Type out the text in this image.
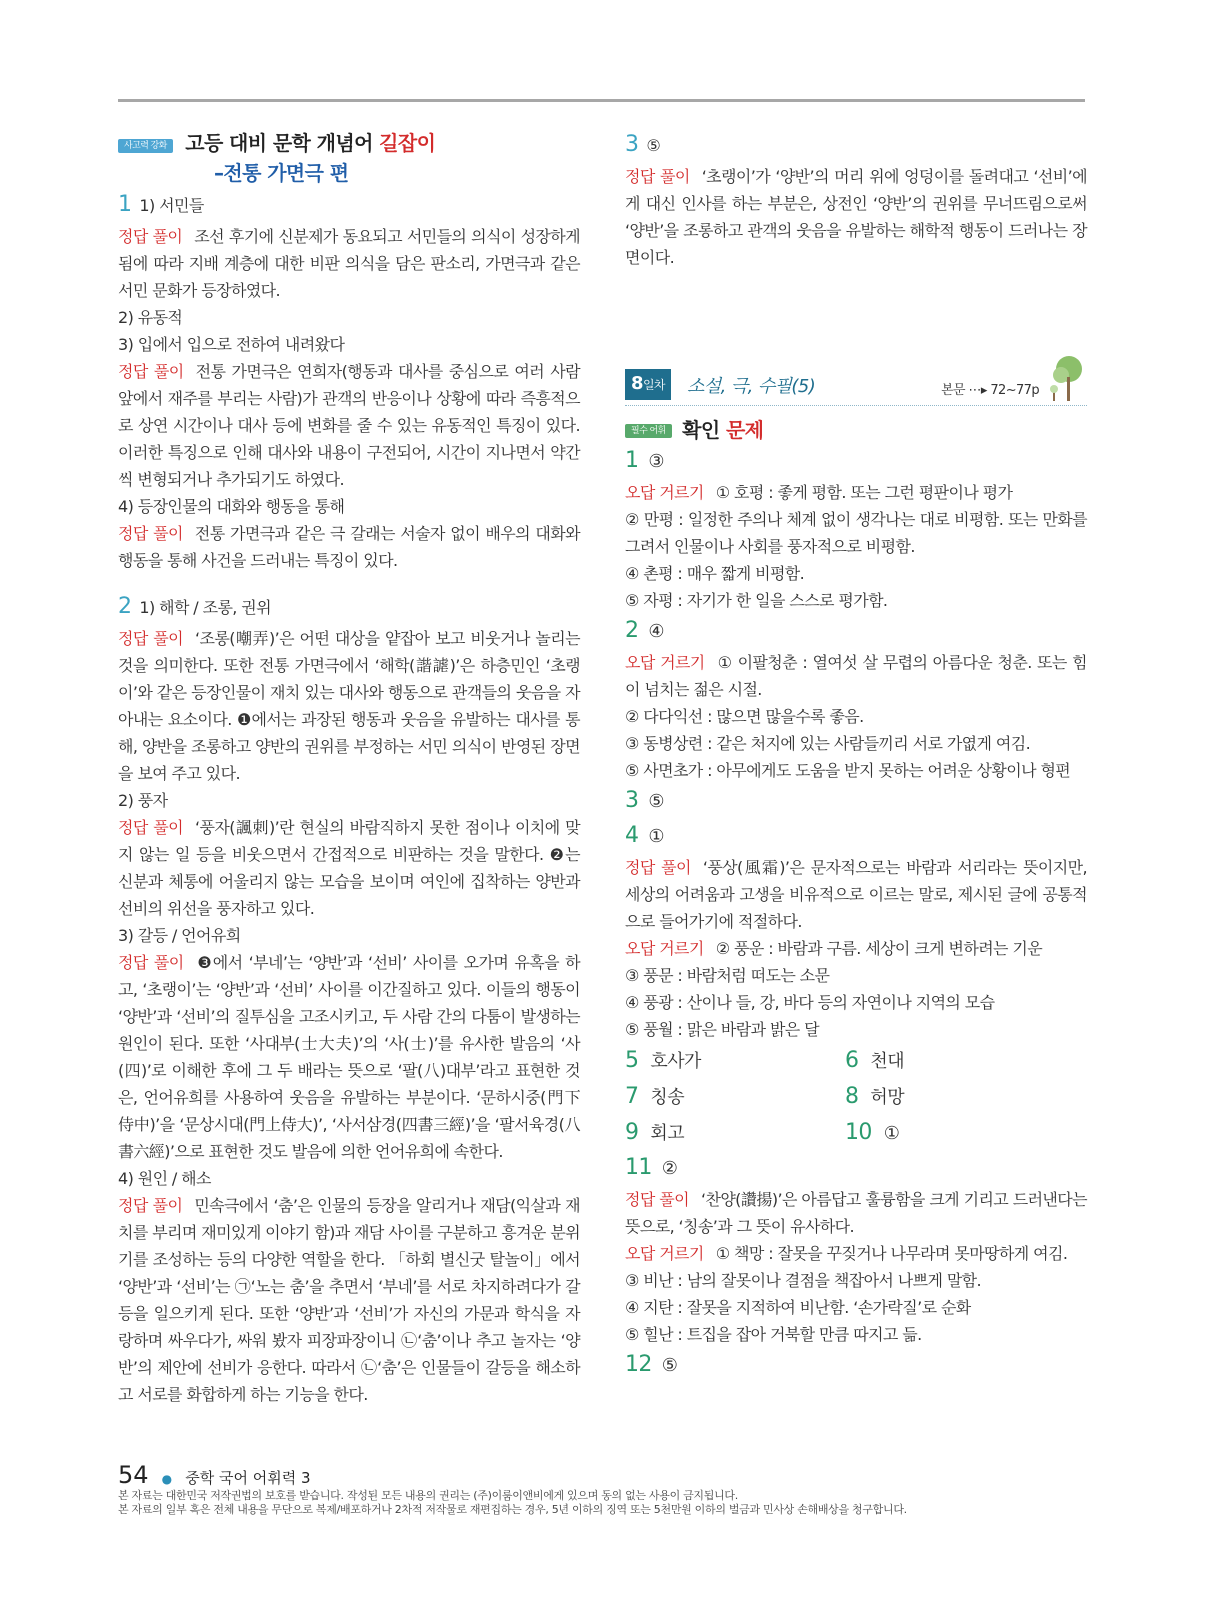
사고력 강화 고등 대비 문학 개념어 길잡이
–전통 가면극 편

1 1) 서민들

정답 풀이 조선 후기에 신분제가 동요되고 서민들의 의식이 성장하게 됨에 따라 지배 계층에 대한 비판 의식을 담은 판소리, 가면극과 같은 서민 문화가 등장하였다.

2) 유동적

3) 입에서 입으로 전하여 내려왔다

정답 풀이 전통 가면극은 연희자(행동과 대사를 중심으로 여러 사람 앞에서 재주를 부리는 사람)가 관객의 반응이나 상황에 따라 즉흥적으로 상연 시간이나 대사 등에 변화를 줄 수 있는 유동적인 특징이 있다. 이러한 특징으로 인해 대사와 내용이 구전되어, 시간이 지나면서 약간씩 변형되거나 추가되기도 하였다.

4) 등장인물의 대화와 행동을 통해

정답 풀이 전통 가면극과 같은 극 갈래는 서술자 없이 배우의 대화와 행동을 통해 사건을 드러내는 특징이 있다.

2 1) 해학 / 조롱, 권위

정답 풀이 ‘조롱(嘲弄)’은 어떤 대상을 얕잡아 보고 비웃거나 놀리는 것을 의미한다. 또한 전통 가면극에서 ‘해학(諧謔)’은 하층민인 ‘초랭이’와 같은 등장인물이 재치 있는 대사와 행동으로 관객들의 웃음을 자아내는 요소이다. ❶에서는 과장된 행동과 웃음을 유발하는 대사를 통해, 양반을 조롱하고 양반의 권위를 부정하는 서민 의식이 반영된 장면을 보여 주고 있다.

2) 풍자

정답 풀이 ‘풍자(諷刺)’란 현실의 바람직하지 못한 점이나 이치에 맞지 않는 일 등을 비웃으면서 간접적으로 비판하는 것을 말한다. ❷는 신분과 체통에 어울리지 않는 모습을 보이며 여인에 집착하는 양반과 선비의 위선을 풍자하고 있다.

3) 갈등 / 언어유희

정답 풀이 ❸에서 ‘부네’는 ‘양반’과 ‘선비’ 사이를 오가며 유혹을 하고, ‘초랭이’는 ‘양반’과 ‘선비’ 사이를 이간질하고 있다. 이들의 행동이 ‘양반’과 ‘선비’의 질투심을 고조시키고, 두 사람 간의 다툼이 발생하는 원인이 된다. 또한 ‘사대부(士大夫)’의 ‘사(士)’를 유사한 발음의 ‘사(四)’로 이해한 후에 그 두 배라는 뜻으로 ‘팔(八)대부’라고 표현한 것은, 언어유희를 사용하여 웃음을 유발하는 부분이다. ‘문하시중(門下侍中)’을 ‘문상시대(門上侍大)’, ‘사서삼경(四書三經)’을 ‘팔서육경(八書六經)’으로 표현한 것도 발음에 의한 언어유희에 속한다.

4) 원인 / 해소

정답 풀이 민속극에서 ‘춤’은 인물의 등장을 알리거나 재담(익살과 재치를 부리며 재미있게 이야기 함)과 재담 사이를 구분하고 흥겨운 분위기를 조성하는 등의 다양한 역할을 한다. 「하회 별신굿 탈놀이」에서 ‘양반’과 ‘선비’는 ㉠‘노는 춤’을 추면서 ‘부네’를 서로 차지하려다가 갈등을 일으키게 된다. 또한 ‘양반’과 ‘선비’가 자신의 가문과 학식을 자랑하며 싸우다가, 싸워 봤자 피장파장이니 ㉡‘춤’이나 추고 놀자는 ‘양반’의 제안에 선비가 응한다. 따라서 ㉡‘춤’은 인물들이 갈등을 해소하고 서로를 화합하게 하는 기능을 한다.

3 ⑤

정답 풀이 ‘초랭이’가 ‘양반’의 머리 위에 엉덩이를 돌려대고 ‘선비’에게 대신 인사를 하는 부분은, 상전인 ‘양반’의 권위를 무너뜨림으로써 ‘양반’을 조롱하고 관객의 웃음을 유발하는 해학적 행동이 드러나는 장면이다.

8일차	소설, 극, 수필(5)	본문 ⋯▸ 72~77p
필수 어휘 확인 문제

1 ③

오답 거르기 ① 호평 : 좋게 평함. 또는 그런 평판이나 평가

② 만평 : 일정한 주의나 체계 없이 생각나는 대로 비평함. 또는 만화를 그려서 인물이나 사회를 풍자적으로 비평함.

④ 촌평 : 매우 짧게 비평함.

⑤ 자평 : 자기가 한 일을 스스로 평가함.

2 ④

오답 거르기 ① 이팔청춘 : 열여섯 살 무렵의 아름다운 청춘. 또는 힘이 넘치는 젊은 시절.

② 다다익선 : 많으면 많을수록 좋음.

③ 동병상련 : 같은 처지에 있는 사람들끼리 서로 가엾게 여김.

⑤ 사면초가 : 아무에게도 도움을 받지 못하는 어려운 상황이나 형편

3 ⑤

4 ①

정답 풀이 ‘풍상(風霜)’은 문자적으로는 바람과 서리라는 뜻이지만, 세상의 어려움과 고생을 비유적으로 이르는 말로, 제시된 글에 공통적으로 들어가기에 적절하다.

오답 거르기 ② 풍운 : 바람과 구름. 세상이 크게 변하려는 기운

③ 풍문 : 바람처럼 떠도는 소문

④ 풍광 : 산이나 들, 강, 바다 등의 자연이나 지역의 모습

⑤ 풍월 : 맑은 바람과 밝은 달

5 호사가	6 천대

7 칭송	8 허망

9 회고	10 ①

11 ②

정답 풀이 ‘찬양(讚揚)’은 아름답고 훌륭함을 크게 기리고 드러낸다는 뜻으로, ‘칭송’과 그 뜻이 유사하다.

오답 거르기 ① 책망 : 잘못을 꾸짖거나 나무라며 못마땅하게 여김.

③ 비난 : 남의 잘못이나 결점을 책잡아서 나쁘게 말함.

④ 지탄 : 잘못을 지적하여 비난함. ‘손가락질’로 순화

⑤ 힐난 : 트집을 잡아 거북할 만큼 따지고 듦.

12 ⑤

54 ● 중학 국어 어휘력 3
본 자료는 대한민국 저작권법의 보호를 받습니다. 작성된 모든 내용의 권리는 (주)이룸이앤비에게 있으며 동의 없는 사용이 금지됩니다.
본 자료의 일부 혹은 전체 내용을 무단으로 복제/배포하거나 2차적 저작물로 재편집하는 경우, 5년 이하의 징역 또는 5천만원 이하의 벌금과 민사상 손해배상을 청구합니다.
